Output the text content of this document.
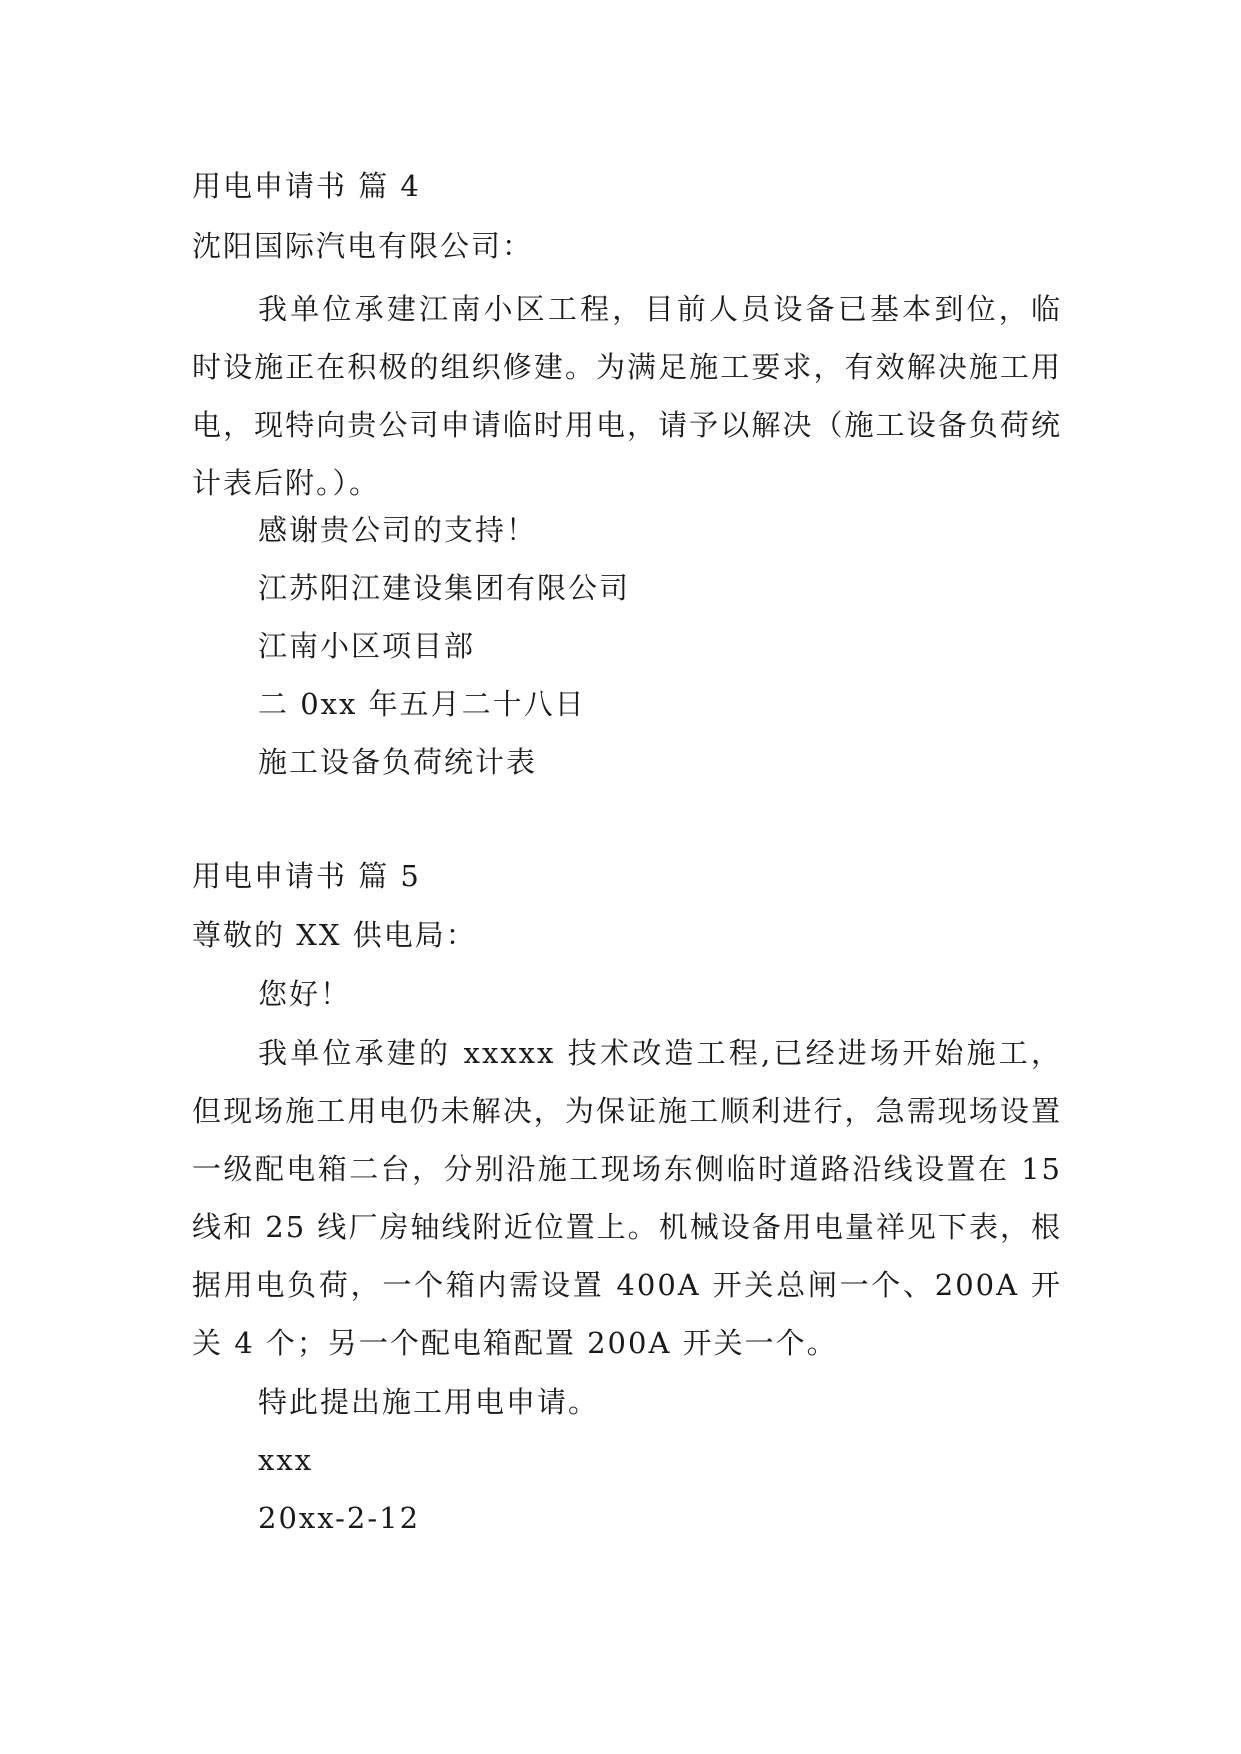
用电申请书 篇 4
沈阳国际汽电有限公司：

我单位承建江南小区工程，目前人员设备已基本到位，临时设施正在积极的组织修建。为满足施工要求，有效解决施工用电，现特向贵公司申请临时用电，请予以解决（施工设备负荷统计表后附。）。

感谢贵公司的支持！
江苏阳江建设集团有限公司
江南小区项目部
二 0xx 年五月二十八日
施工设备负荷统计表
用电申请书 篇 5
尊敬的 XX 供电局：
您好！

我单位承建的 xxxxx 技术改造工程,已经进场开始施工，但现场施工用电仍未解决，为保证施工顺利进行，急需现场设置一级配电箱二台，分别沿施工现场东侧临时道路沿线设置在 15 线和 25 线厂房轴线附近位置上。机械设备用电量祥见下表，根据用电负荷，一个箱内需设置 400A 开关总闸一个、200A 开关 4 个；另一个配电箱配置 200A 开关一个。

特此提出施工用电申请。
xxx
20xx-2-12
